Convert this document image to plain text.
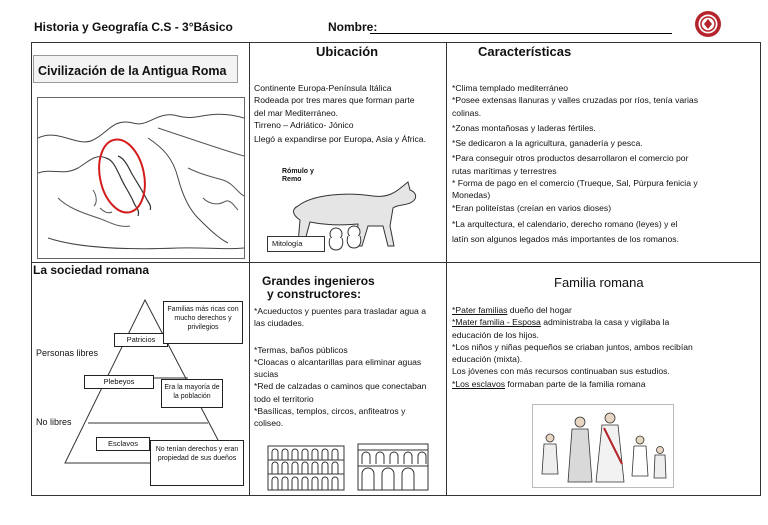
Historia y Geografía C.S - 3°Básico	Nombre:
Civilización de la Antigua Roma
Ubicación
Continente Europa-Península Itálica
Rodeada por tres mares que forman parte
del mar Mediterráneo.
Tirreno – Adriático- Jónico
Llegó a expandirse por Europa, Asia y África.
Rómulo y Remo
Mitología
Características
*Clima templado mediterráneo
*Posee extensas llanuras y valles cruzadas por ríos, tenía varias
colinas.
*Zonas montañosas y laderas fértiles.
*Se dedicaron a la agricultura, ganadería y pesca.
*Para conseguir otros productos desarrollaron el comercio por
rutas marítimas y terrestres
* Forma de pago en el comercio (Trueque, Sal, Púrpura fenicia y
Monedas)
*Eran politeístas (creían en varios dioses)
*La arquitectura, el calendario, derecho romano (leyes) y el
latín son algunos legados más importantes de los romanos.
La sociedad romana
Personas libres
No libres
Patricios
Plebeyos
Esclavos
Familias más ricas con mucho derechos y privilegios
Era la mayoría de la población
No tenían derechos y eran propiedad de sus dueños
Grandes ingenieros
y constructores:
*Acueductos y puentes para trasladar agua a
las ciudades.
*Termas, baños públicos
*Cloacas o alcantarillas para eliminar aguas
sucias
*Red de calzadas o caminos que conectaban
todo el territorio
*Basílicas, templos, circos, anfiteatros y
coliseo.
Familia romana
*Pater familias dueño del hogar
*Mater familia - Esposa administraba la casa y vigilaba la
educación de los hijos.
*Los niños y niñas pequeños se criaban juntos, ambos recibían
educación (mixta).
Los jóvenes con más recursos continuaban sus estudios.
*Los esclavos formaban parte de la familia romana
